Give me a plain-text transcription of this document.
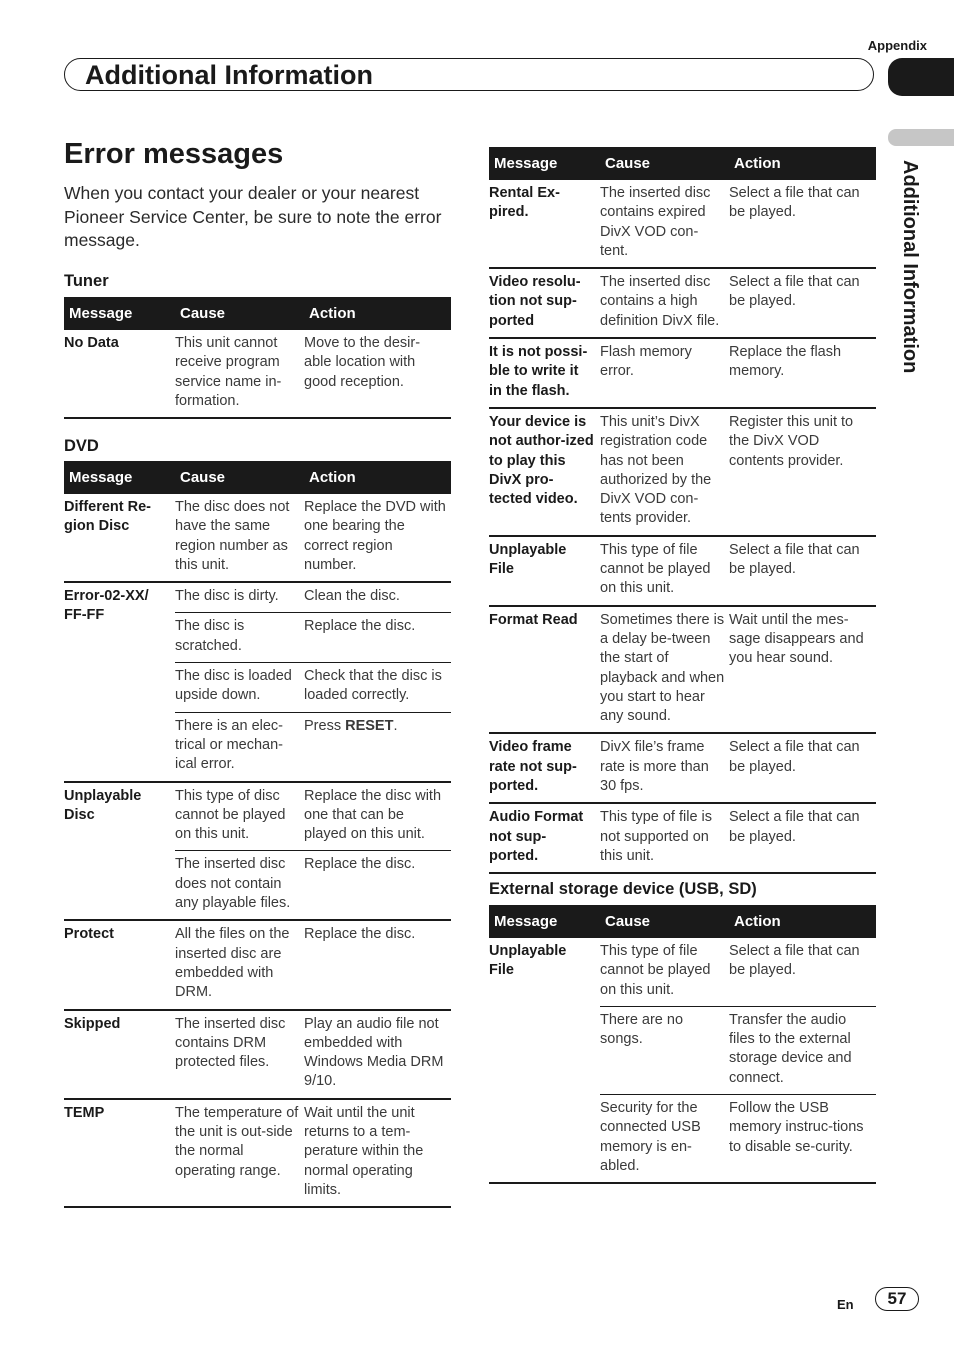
Appendix
Additional Information
Additional Information
Error messages

When you contact your dealer or your nearest Pioneer Service Center, be sure to note the error message.

Tuner
Message	Cause	Action
No Data	This unit cannot receive program service name in-formation.	Move to the desir-able location with good reception.
DVD
Message	Cause	Action
Different Re-gion Disc	The disc does not have the same region number as this unit.	Replace the DVD with one bearing the correct region number.
Error-02-XX/ FF-FF	The disc is dirty.	Clean the disc.
	The disc is scratched.	Replace the disc.
	The disc is loaded upside down.	Check that the disc is loaded correctly.
	There is an elec-trical or mechan-ical error.	Press RESET.
Unplayable Disc	This type of disc cannot be played on this unit.	Replace the disc with one that can be played on this unit.
	The inserted disc does not contain any playable files.	Replace the disc.
Protect	All the files on the inserted disc are embedded with DRM.	Replace the disc.
Skipped	The inserted disc contains DRM protected files.	Play an audio file not embedded with Windows Media DRM 9/10.
TEMP	The temperature of the unit is out-side the normal operating range.	Wait until the unit returns to a tem-perature within the normal operating limits.
Message	Cause	Action
Rental Ex-pired.	The inserted disc contains expired DivX VOD con-tent.	Select a file that can be played.
Video resolu-tion not sup-ported	The inserted disc contains a high definition DivX file.	Select a file that can be played.
It is not possi-ble to write it in the flash.	Flash memory error.	Replace the flash memory.
Your device is not author-ized to play this DivX pro-tected video.	This unit’s DivX registration code has not been authorized by the DivX VOD con-tents provider.	Register this unit to the DivX VOD contents provider.
Unplayable File	This type of file cannot be played on this unit.	Select a file that can be played.
Format Read	Sometimes there is a delay be-tween the start of playback and when you start to hear any sound.	Wait until the mes-sage disappears and you hear sound.
Video frame rate not sup-ported.	DivX file’s frame rate is more than 30 fps.	Select a file that can be played.
Audio Format not sup-ported.	This type of file is not supported on this unit.	Select a file that can be played.
External storage device (USB, SD)
Message	Cause	Action
Unplayable File	This type of file cannot be played on this unit.	Select a file that can be played.
	There are no songs.	Transfer the audio files to the external storage device and connect.
	Security for the connected USB memory is en-abled.	Follow the USB memory instruc-tions to disable se-curity.
En	57
